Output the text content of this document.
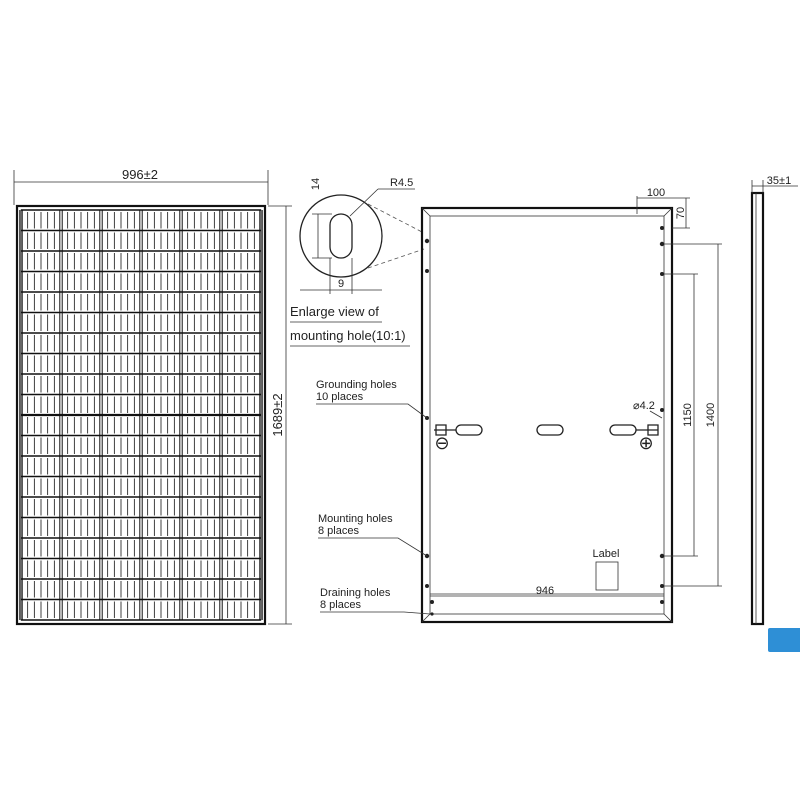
996±2
1689±2
14
9
R4.5
Enlarge view of
mounting hole(10:1)
⊖	⊕
⌀4.2
Label
946
100
70
1150 1400
Grounding holes
10 places
Mounting holes
8 places
Draining holes
8 places
35±1
